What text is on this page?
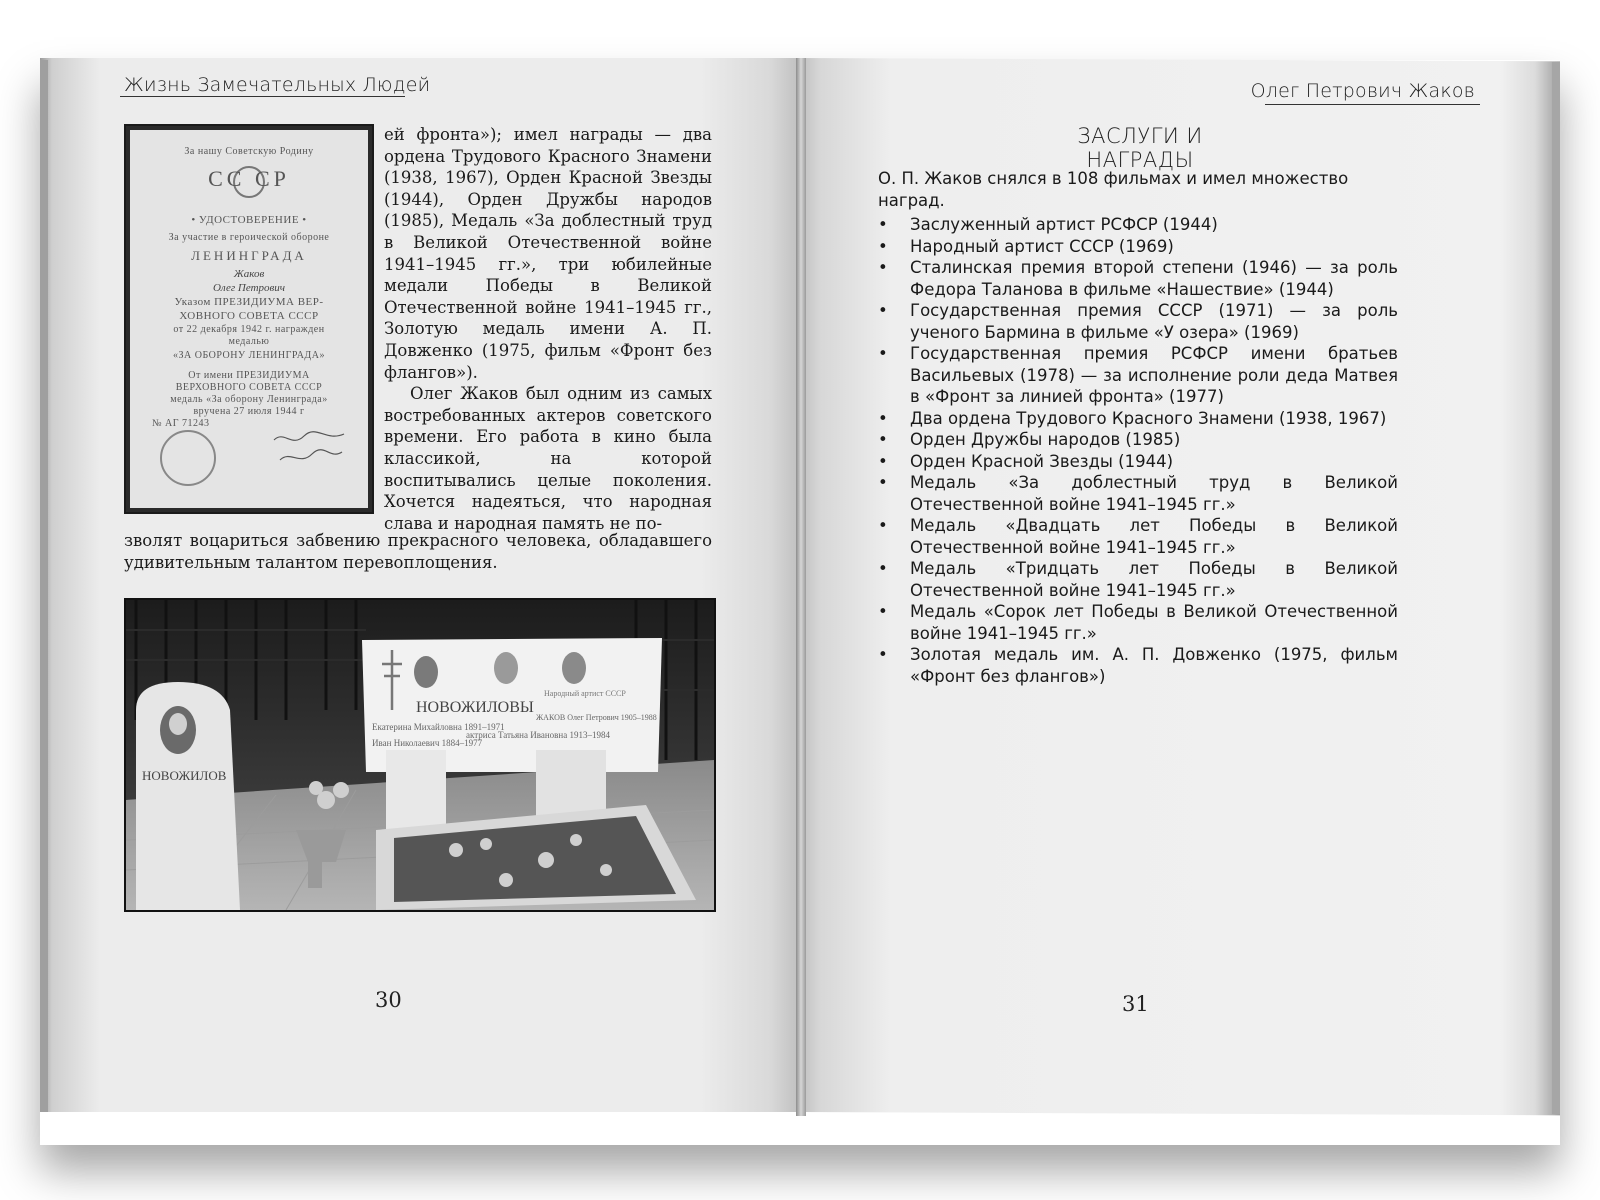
Жизнь Замечательных Людей
За нашу Советскую Родину
СС СР
• УДОСТОВЕРЕНИЕ •
За участие в героической обороне
ЛЕНИНГРАДА
Жаков
Олег Петрович
Указом ПРЕЗИДИУМА ВЕР-
ХОВНОГО СОВЕТА СССР
от 22 декабря 1942 г. награжден
медалью
«ЗА ОБОРОНУ ЛЕНИНГРАДА»
От имени ПРЕЗИДИУМА
ВЕРХОВНОГО СОВЕТА СССР
медаль «За оборону Ленинграда»
вручена 27 июля 1944 г
№ АГ 71243

ей фронта»); имел награды — два ордена Трудового Красного Знамени (1938, 1967), Орден Красной Звезды (1944), Орден Дружбы народов (1985), Медаль «За доблестный труд в Великой Отечественной войне 1941–1945 гг.», три юбилейные медали Победы в Великой Отечественной войне 1941–1945 гг., Золотую медаль имени А. П. Довженко (1975, фильм «Фронт без флангов»).

Олег Жаков был одним из самых востребованных актеров советского времени. Его работа в кино была классикой, на которой воспитывались целые поколения. Хочется надеяться, что народная слава и народная память не по-

зволят воцариться забвению прекрасного человека, обладавшего удивительным талантом перевоплощения.
НОВОЖИЛОВ
НОВОЖИЛОВЫ
Екатерина Михайловна 1891–1971
Иван Николаевич 1884–1977
актриса Татьяна Ивановна 1913–1984
Народный артист СССР
ЖАКОВ Олег Петрович 1905–1988
30
Олег Петрович Жаков
ЗАСЛУГИ И НАГРАДЫ
О. П. Жаков снялся в 108 фильмах и имел множество наград.
• Заслуженный артист РСФСР (1944)
• Народный артист СССР (1969)
• Сталинская премия второй степени (1946) — за роль Федора Таланова в фильме «Нашествие» (1944)
• Государственная премия СССР (1971) — за роль ученого Бармина в фильме «У озера» (1969)
• Государственная премия РСФСР имени братьев Васильевых (1978) — за исполнение роли деда Матвея в «Фронт за линией фронта» (1977)
• Два ордена Трудового Красного Знамени (1938, 1967)
• Орден Дружбы народов (1985)
• Орден Красной Звезды (1944)
• Медаль «За доблестный труд в Великой Отечественной войне 1941–1945 гг.»
• Медаль «Двадцать лет Победы в Великой Отечественной войне 1941–1945 гг.»
• Медаль «Тридцать лет Победы в Великой Отечественной войне 1941–1945 гг.»
• Медаль «Сорок лет Победы в Великой Отечественной войне 1941–1945 гг.»
• Золотая медаль им. А. П. Довженко (1975, фильм «Фронт без флангов»)
31
